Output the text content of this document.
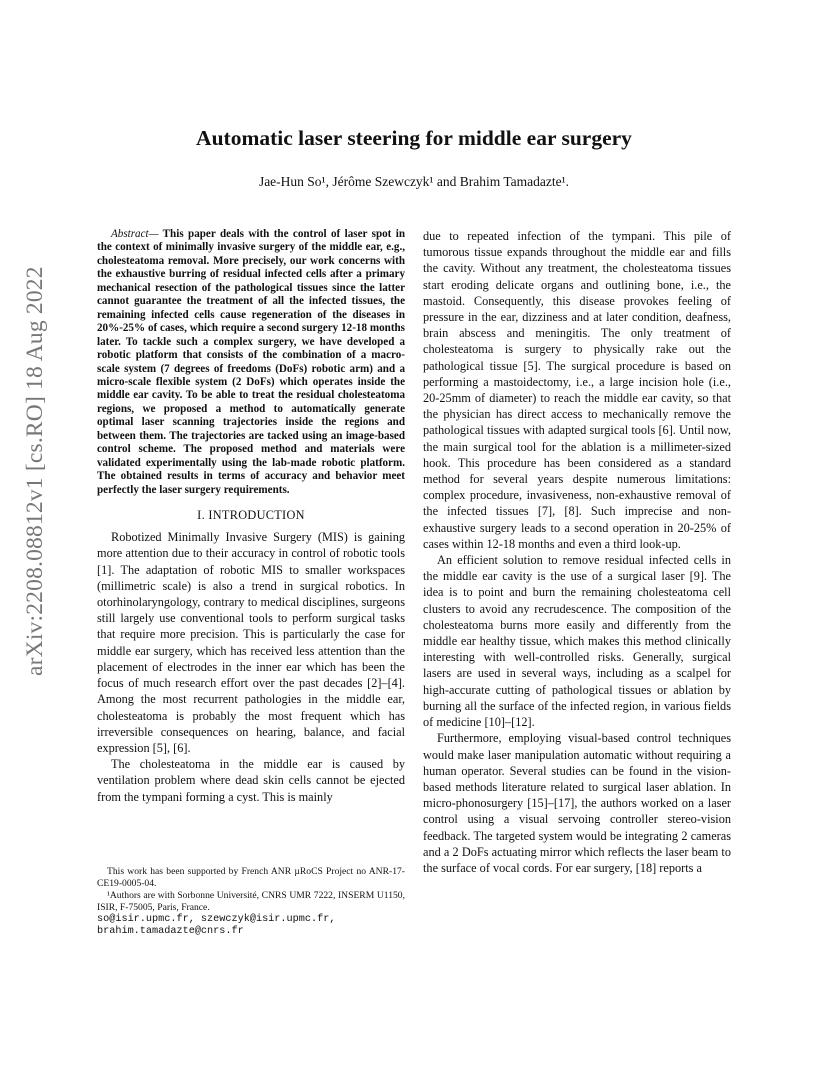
arXiv:2208.08812v1 [cs.RO] 18 Aug 2022
Automatic laser steering for middle ear surgery
Jae-Hun So¹, Jérôme Szewczyk¹ and Brahim Tamadazte¹.

Abstract— This paper deals with the control of laser spot in the context of minimally invasive surgery of the middle ear, e.g., cholesteatoma removal. More precisely, our work concerns with the exhaustive burring of residual infected cells after a primary mechanical resection of the pathological tissues since the latter cannot guarantee the treatment of all the infected tissues, the remaining infected cells cause regeneration of the diseases in 20%-25% of cases, which require a second surgery 12-18 months later. To tackle such a complex surgery, we have developed a robotic platform that consists of the combination of a macro-scale system (7 degrees of freedoms (DoFs) robotic arm) and a micro-scale flexible system (2 DoFs) which operates inside the middle ear cavity. To be able to treat the residual cholesteatoma regions, we proposed a method to automatically generate optimal laser scanning trajectories inside the regions and between them. The trajectories are tacked using an image-based control scheme. The proposed method and materials were validated experimentally using the lab-made robotic platform. The obtained results in terms of accuracy and behavior meet perfectly the laser surgery requirements.

I. INTRODUCTION

Robotized Minimally Invasive Surgery (MIS) is gaining more attention due to their accuracy in control of robotic tools [1]. The adaptation of robotic MIS to smaller workspaces (millimetric scale) is also a trend in surgical robotics. In otorhinolaryngology, contrary to medical disciplines, surgeons still largely use conventional tools to perform surgical tasks that require more precision. This is particularly the case for middle ear surgery, which has received less attention than the placement of electrodes in the inner ear which has been the focus of much research effort over the past decades [2]–[4]. Among the most recurrent pathologies in the middle ear, cholesteatoma is probably the most frequent which has irreversible consequences on hearing, balance, and facial expression [5], [6].

The cholesteatoma in the middle ear is caused by ventilation problem where dead skin cells cannot be ejected from the tympani forming a cyst. This is mainly

due to repeated infection of the tympani. This pile of tumorous tissue expands throughout the middle ear and fills the cavity. Without any treatment, the cholesteatoma tissues start eroding delicate organs and outlining bone, i.e., the mastoid. Consequently, this disease provokes feeling of pressure in the ear, dizziness and at later condition, deafness, brain abscess and meningitis. The only treatment of cholesteatoma is surgery to physically rake out the pathological tissue [5]. The surgical procedure is based on performing a mastoidectomy, i.e., a large incision hole (i.e., 20-25mm of diameter) to reach the middle ear cavity, so that the physician has direct access to mechanically remove the pathological tissues with adapted surgical tools [6]. Until now, the main surgical tool for the ablation is a millimeter-sized hook. This procedure has been considered as a standard method for several years despite numerous limitations: complex procedure, invasiveness, non-exhaustive removal of the infected tissues [7], [8]. Such imprecise and non-exhaustive surgery leads to a second operation in 20-25% of cases within 12-18 months and even a third look-up.

An efficient solution to remove residual infected cells in the middle ear cavity is the use of a surgical laser [9]. The idea is to point and burn the remaining cholesteatoma cell clusters to avoid any recrudescence. The composition of the cholesteatoma burns more easily and differently from the middle ear healthy tissue, which makes this method clinically interesting with well-controlled risks. Generally, surgical lasers are used in several ways, including as a scalpel for high-accurate cutting of pathological tissues or ablation by burning all the surface of the infected region, in various fields of medicine [10]–[12].

Furthermore, employing visual-based control techniques would make laser manipulation automatic without requiring a human operator. Several studies can be found in the vision-based methods literature related to surgical laser ablation. In micro-phonosurgery [15]–[17], the authors worked on a laser control using a visual servoing controller stereo-vision feedback. The targeted system would be integrating 2 cameras and a 2 DoFs actuating mirror which reflects the laser beam to the surface of vocal cords. For ear surgery, [18] reports a

This work has been supported by French ANR µRoCS Project no ANR-17-CE19-0005-04.

¹Authors are with Sorbonne Université, CNRS UMR 7222, INSERM U1150, ISIR, F-75005, Paris, France.

so@isir.upmc.fr, szewczyk@isir.upmc.fr,
brahim.tamadazte@cnrs.fr
